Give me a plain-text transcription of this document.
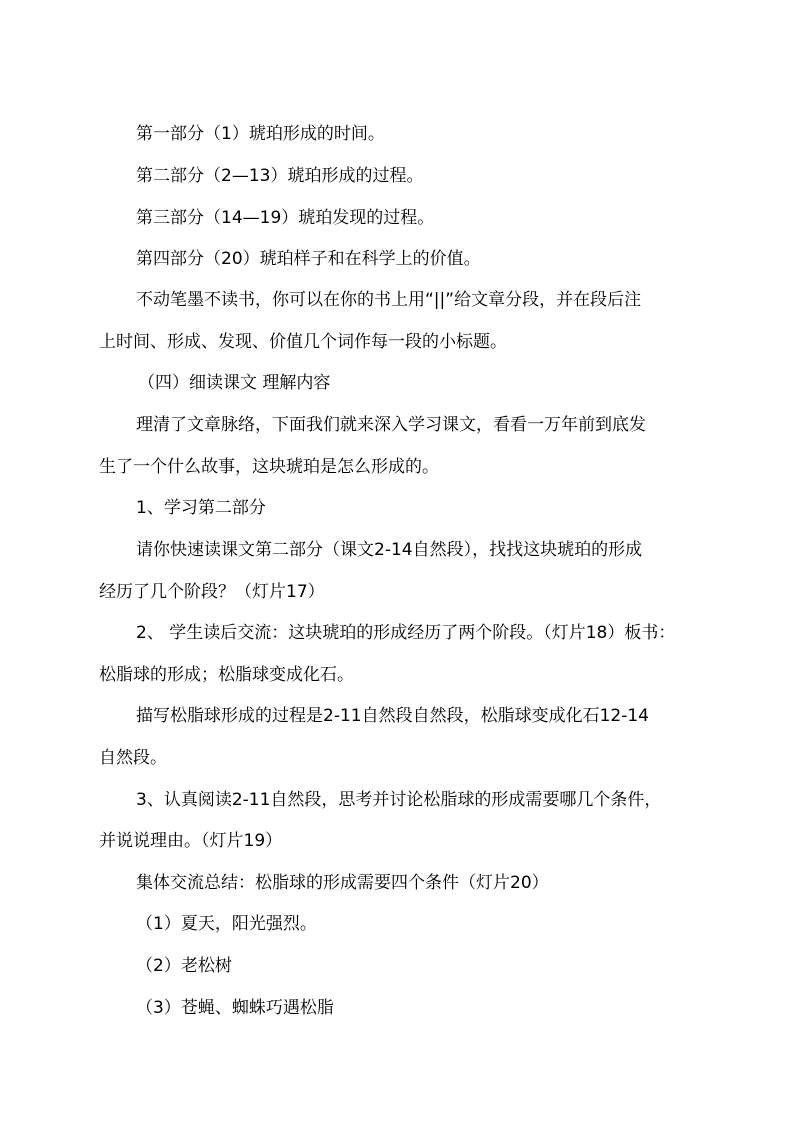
第一部分（1）琥珀形成的时间。
第二部分（2—13）琥珀形成的过程。
第三部分（14—19）琥珀发现的过程。
第四部分（20）琥珀样子和在科学上的价值。
不动笔墨不读书，你可以在你的书上用“||”给文章分段，并在段后注
上时间、形成、发现、价值几个词作每一段的小标题。
（四）细读课文 理解内容
理清了文章脉络，下面我们就来深入学习课文，看看一万年前到底发
生了一个什么故事，这块琥珀是怎么形成的。
1、学习第二部分
请你快速读课文第二部分（课文2-14自然段），找找这块琥珀的形成
经历了几个阶段？（灯片17）
2、 学生读后交流：这块琥珀的形成经历了两个阶段。（灯片18）板书：
松脂球的形成；松脂球变成化石。
描写松脂球形成的过程是2-11自然段自然段，松脂球变成化石12-14
自然段。
3、认真阅读2-11自然段，思考并讨论松脂球的形成需要哪几个条件，
并说说理由。（灯片19）
集体交流总结：松脂球的形成需要四个条件（灯片20）
（1）夏天，阳光强烈。
（2）老松树
（3）苍蝇、蜘蛛巧遇松脂
